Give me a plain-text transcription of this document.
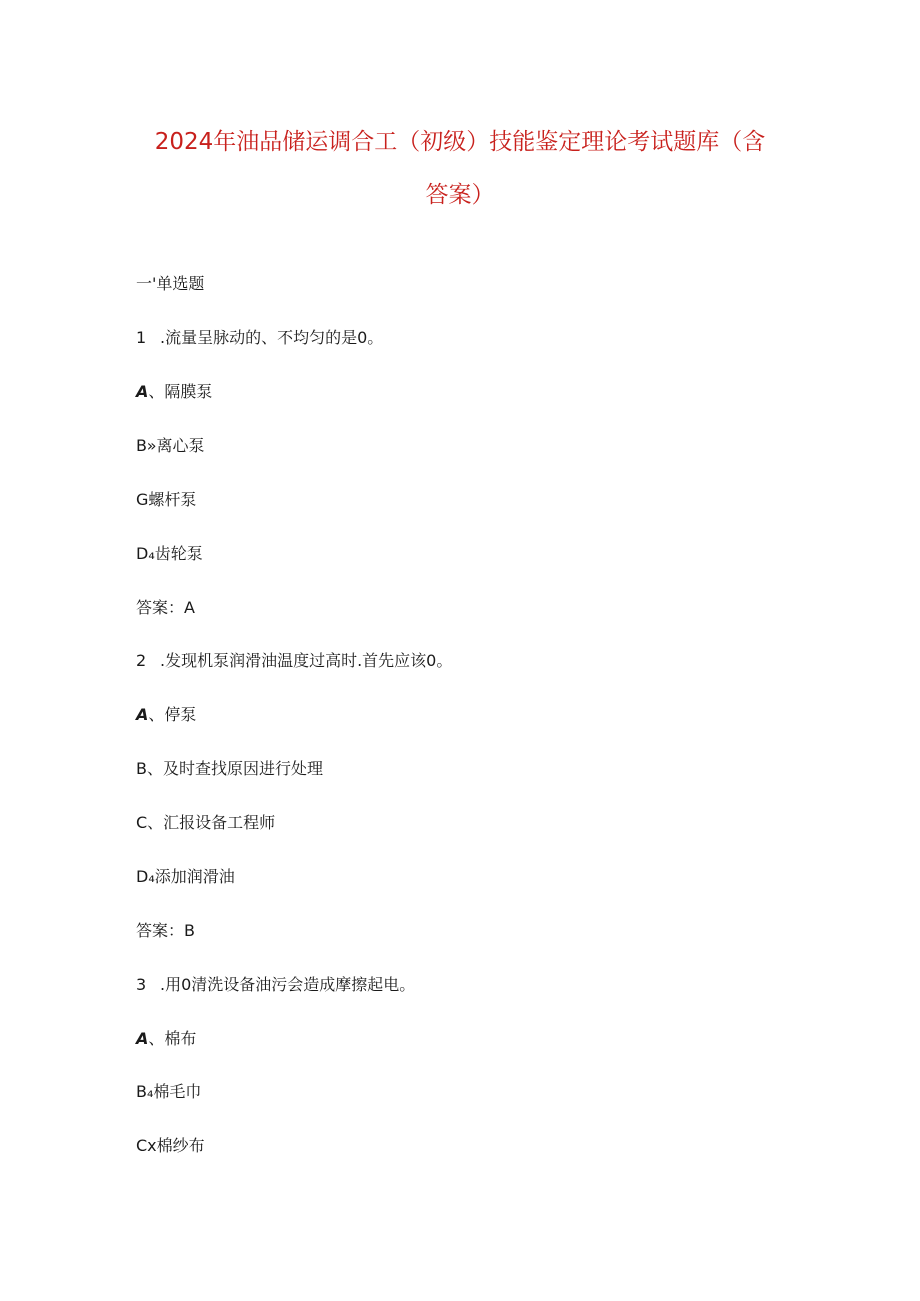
2024年油品储运调合工（初级）技能鉴定理论考试题库（含
答案）
一'单选题
1 .流量呈脉动的、不均匀的是0。
A、隔膜泵
B»离心泵
G螺杆泵
D₄齿轮泵
答案：A
2 .发现机泵润滑油温度过高时.首先应该0。
A、停泵
B、及时查找原因进行处理
C、汇报设备工程师
D₄添加润滑油
答案：B
3 .用0清洗设备油污会造成摩擦起电。
A、棉布
B₄棉毛巾
Cx棉纱布
